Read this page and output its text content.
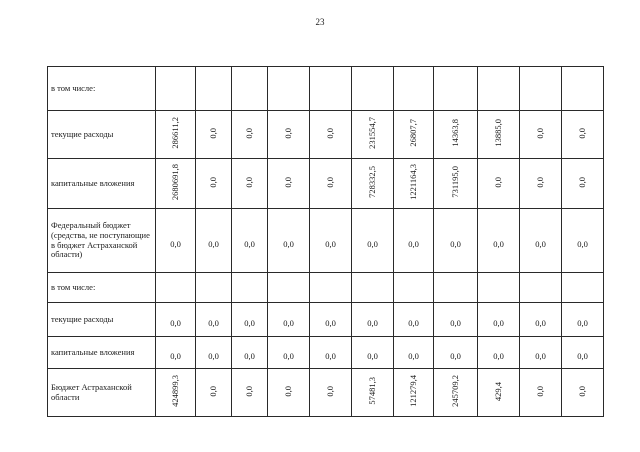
23
в том числе:											
текущие расходы	286611,2	0,0	0,0	0,0	0,0	231554,7	26807,7	14363,8	13885,0	0,0	0,0
капитальные вложения	2680691,8	0,0	0,0	0,0	0,0	728332,5	1221164,3	731195,0	0,0	0,0	0,0
Федеральный бюджет (средства, не поступающие в бюджет Астраханской области)	0,0	0,0	0,0	0,0	0,0	0,0	0,0	0,0	0,0	0,0	0,0
в том числе:											
текущие расходы	0,0	0,0	0,0	0,0	0,0	0,0	0,0	0,0	0,0	0,0	0,0
капитальные вложения	0,0	0,0	0,0	0,0	0,0	0,0	0,0	0,0	0,0	0,0	0,0
Бюджет Астраханской области	424899,3	0,0	0,0	0,0	0,0	57481,3	121279,4	245709,2	429,4	0,0	0,0
